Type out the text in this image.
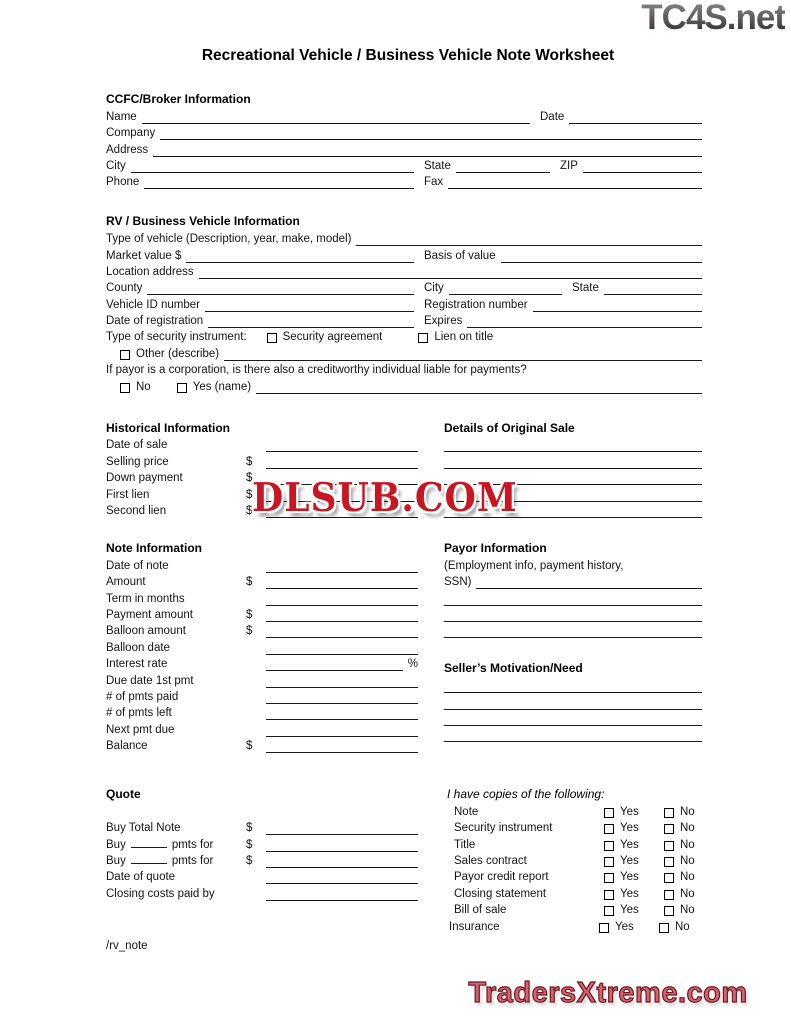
TC4S.net
Recreational Vehicle / Business Vehicle Note Worksheet
DLSUB.COM
TradersXtreme.com
CCFC/Broker Information
Name	Date
Company
Address
City	State	ZIP
Phone	Fax
RV / Business Vehicle Information
Type of vehicle (Description, year, make, model)
Market value $	Basis of value
Location address
County	City	State
Vehicle ID number	Registration number
Date of registration	Expires
Type of security instrument:	Security agreement	Lien on title
Other (describe)
If payor is a corporation, is there also a creditworthy individual liable for payments?
No	Yes (name)
Historical Information
Date of sale
Selling price	$
Down payment	$
First lien	$
Second lien	$
Details of Original Sale
Note Information
Date of note
Amount	$
Term in months
Payment amount	$
Balloon amount	$
Balloon date
Interest rate	%
Due date 1st pmt
# of pmts paid
# of pmts left
Next pmt due
Balance	$
Payor Information
(Employment info, payment history,
SSN)
Seller’s Motivation/Need
Quote
Buy Total Note	$
Buy	pmts for	$
Buy	pmts for	$
Date of quote
Closing costs paid by
I have copies of the following:
Note	Yes	No
Security instrument	Yes	No
Title	Yes	No
Sales contract	Yes	No
Payor credit report	Yes	No
Closing statement	Yes	No
Bill of sale	Yes	No
Insurance	Yes	No
/rv_note
